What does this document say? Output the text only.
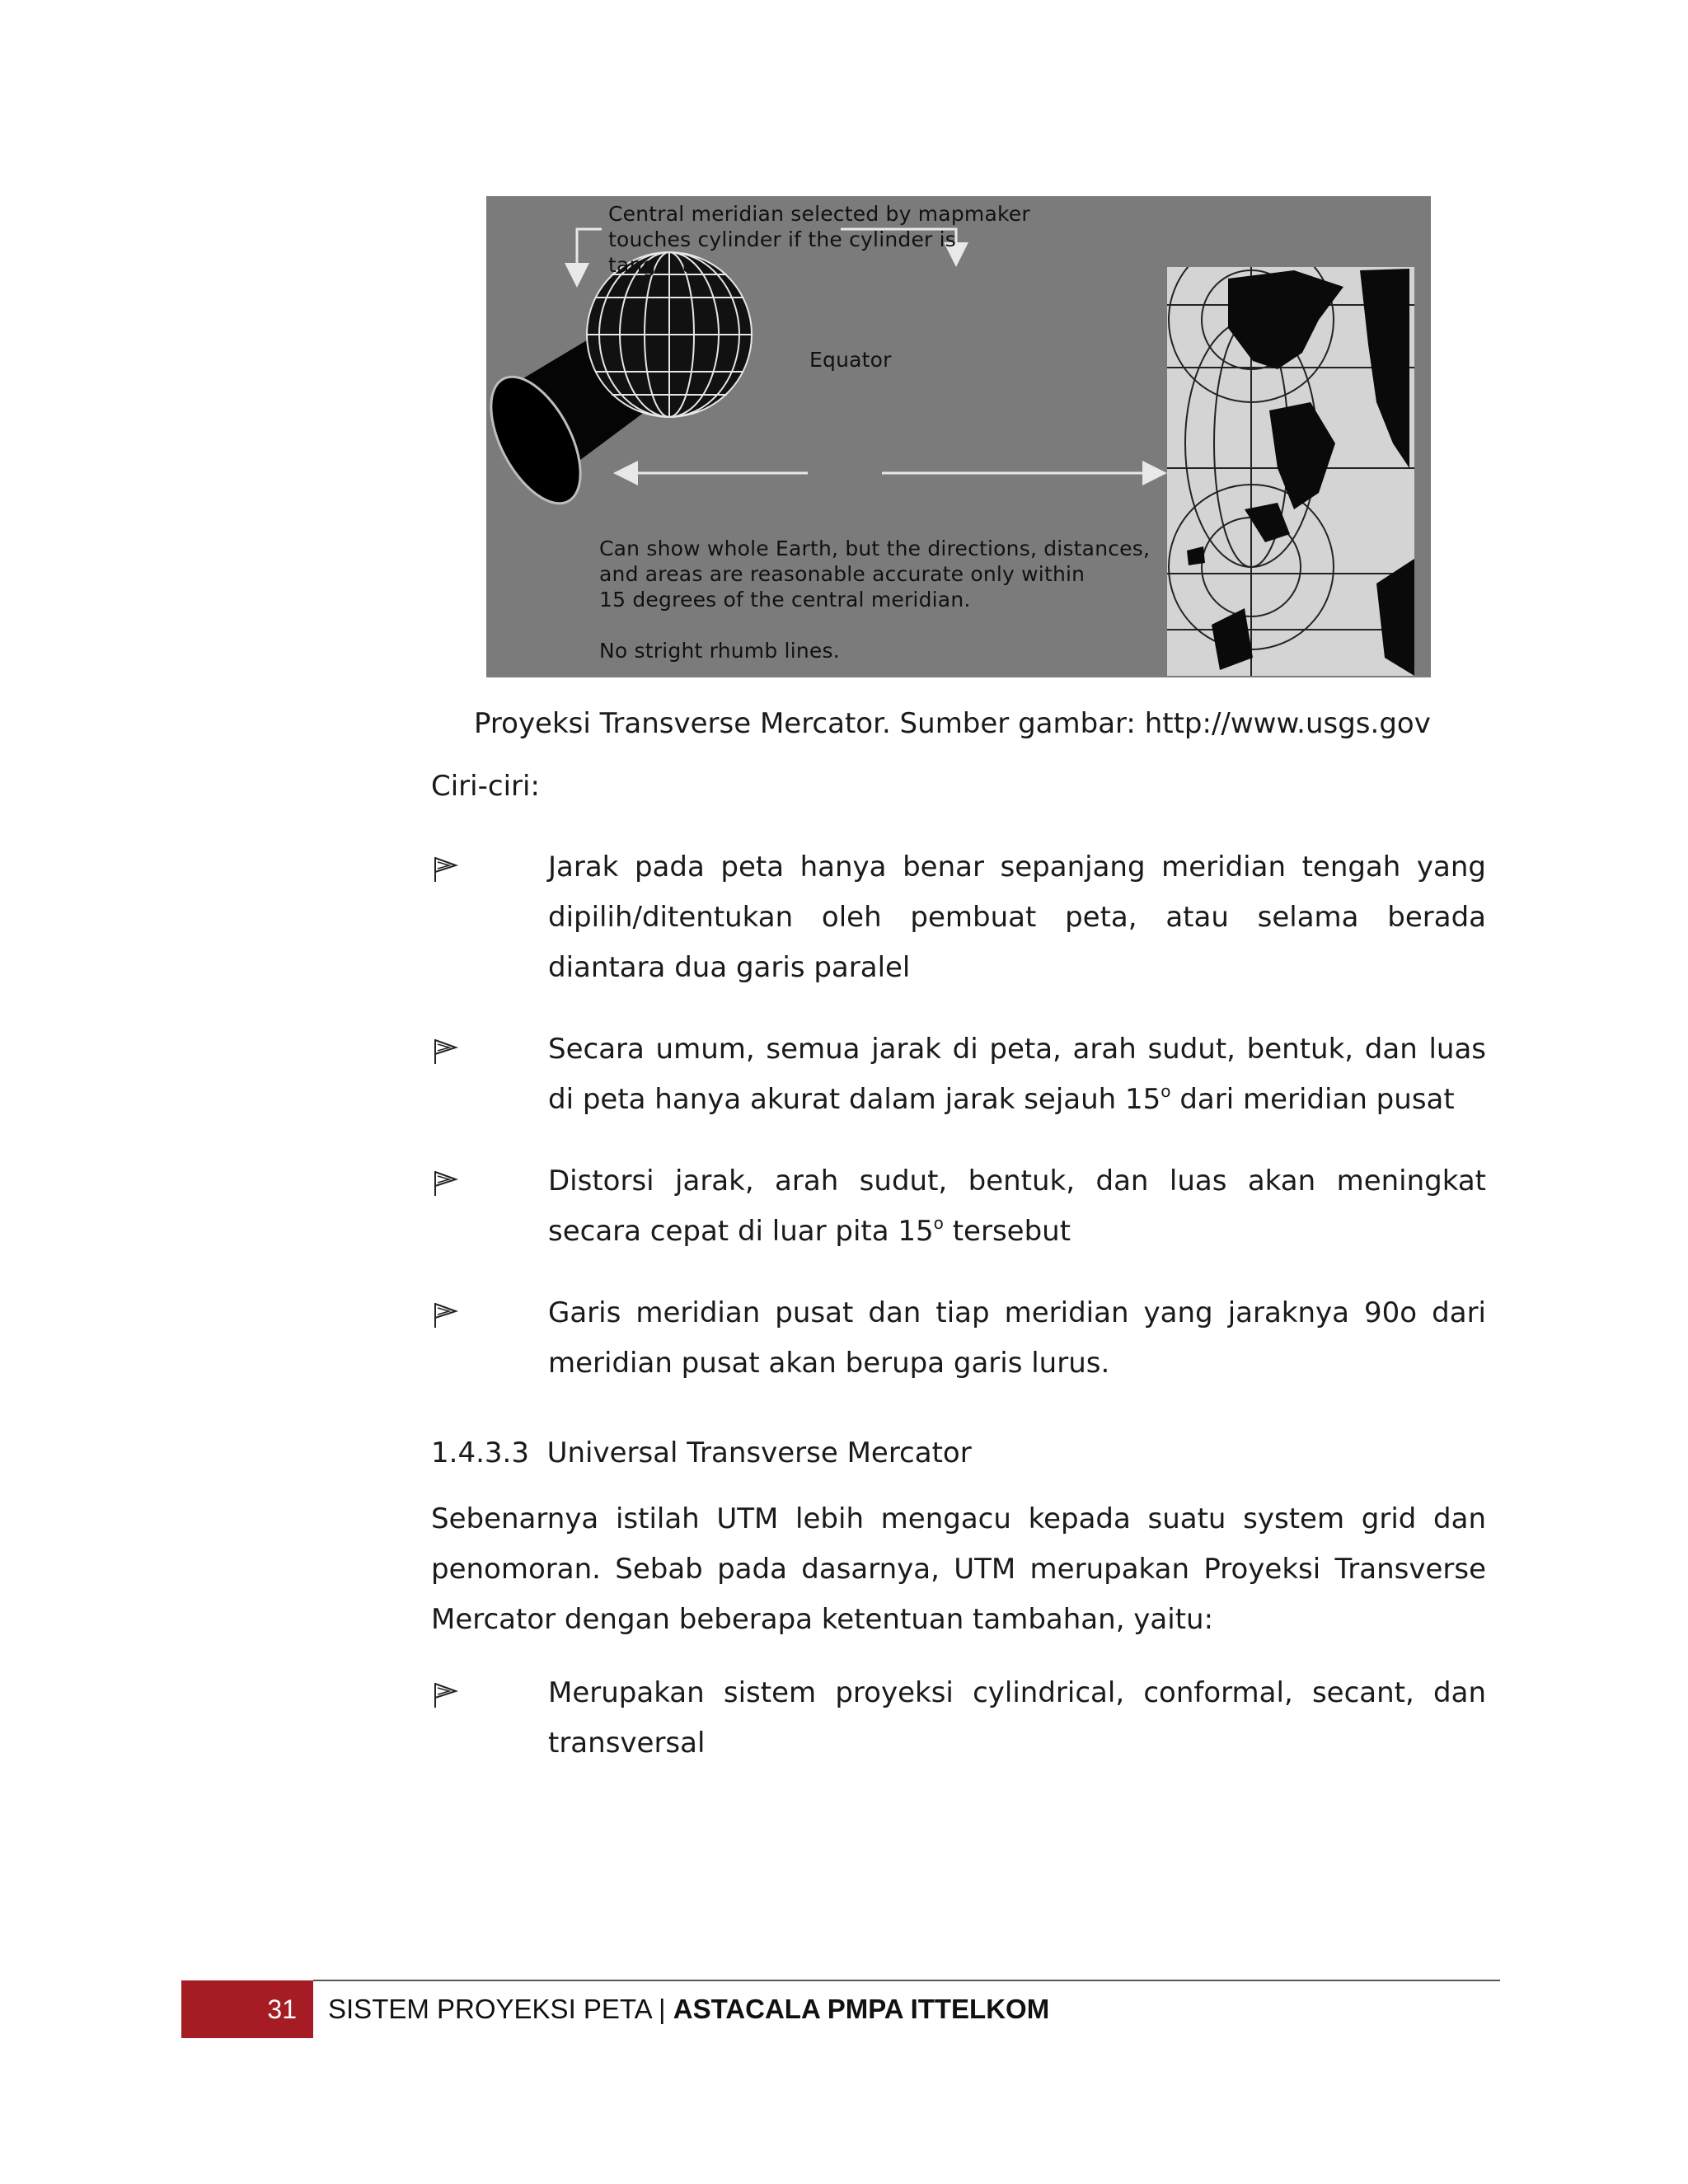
Central meridian selected by mapmaker
touches cylinder if the cylinder is
tangent.
Equator
Can show whole Earth, but the directions, distances,
and areas are reasonable accurate only within
15 degrees of the central meridian.
No stright rhumb lines.
Proyeksi Transverse Mercator. Sumber gambar: http://www.usgs.gov
Ciri-ciri:
Jarak pada peta hanya benar sepanjang meridian tengah yang dipilih/ditentukan oleh pembuat peta, atau selama berada diantara dua garis paralel
Secara umum, semua jarak di peta, arah sudut, bentuk, dan luas di peta hanya akurat dalam jarak sejauh 15$^o$ dari meridian pusat
Distorsi jarak, arah sudut, bentuk, dan luas akan meningkat secara cepat di luar pita 15$^o$ tersebut
Garis meridian pusat dan tiap meridian yang jaraknya 90o dari meridian pusat akan berupa garis lurus.
1.4.3.3  Universal Transverse Mercator
Sebenarnya istilah UTM lebih mengacu kepada suatu system grid dan penomoran. Sebab pada dasarnya, UTM merupakan Proyeksi Transverse Mercator dengan beberapa ketentuan tambahan, yaitu:
Merupakan sistem proyeksi cylindrical, conformal, secant, dan transversal
31 SISTEM PROYEKSI PETA | ASTACALA PMPA ITTELKOM
